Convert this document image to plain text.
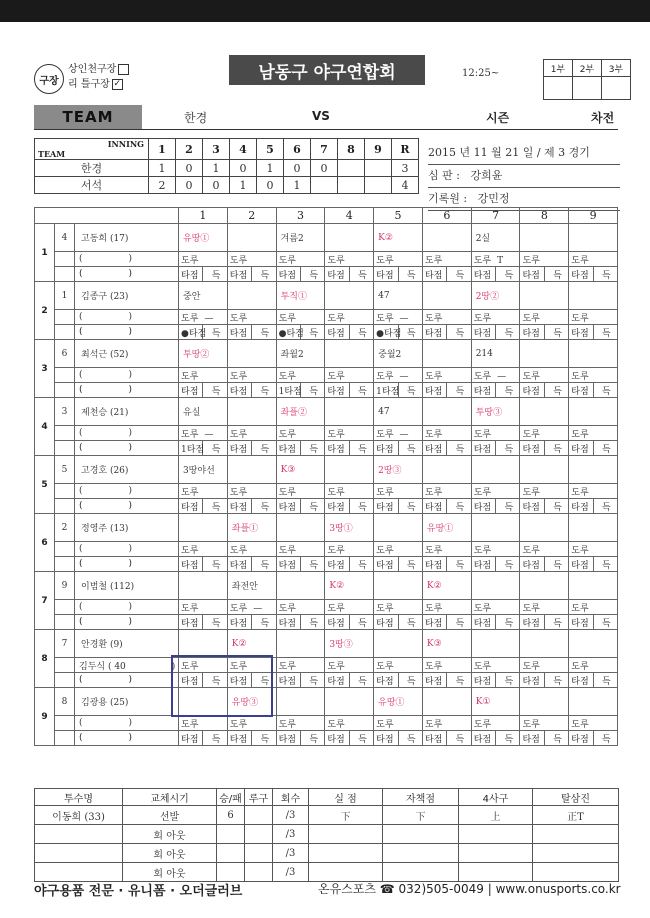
구장
상인천구장
리 틀구장 ✓
남동구 야구연합회	12:25~	1부	2부	3부

TEAM	한경	VS	시즌	차전
INNING
TEAM	1	2	3	4	5	6	7	8	9	R
한경	1	0	1	0	1	0	0			3
서석	2	0	0	1	0	1				4
2015 년 11 월 21 일 / 제 3 경기
심 판 : 강희윤
기록원 : 강민정
			1		2		3		4		5		6		7		8		9	
1	4	고동희 (17)	유땅①				겨름2				K②				2실					
		( )	도루		도루		도루		도루		도루		도루		도루 T		도루		도루	
		( )	타점	득	타점	득	타점	득	타점	득	타점	득	타점	득	타점	득	타점	득	타점	득
2	1	김종구 (23)	중안				투직①				47				2땅②					
		( )	도루 —		도루		도루		도루		도루 —		도루		도루		도루		도루	
		( )	●타점	득	타점	득	●타점	득	타점	득	●타점	득	타점	득	타점	득	타점	득	타점	득
3	6	최석근 (52)	투땅②				좌월2				중월2				214					
		( )	도루		도루		도루		도루		도루 —		도루		도루 —		도루		도루	
		( )	타점	득	타점	득	1타점	득	타점	득	1타점	득	타점	득	타점	득	타점	득	타점	득
4	3	제천승 (21)	유실				좌플②				47				투땅③					
		( )	도루 —		도루		도루		도루		도루 —		도루		도루		도루		도루	
		( )	1타점	득	타점	득	타점	득	타점	득	타점	득	타점	득	타점	득	타점	득	타점	득
5	5	고경호 (26)	3땅야선				K③				2땅③									
		( )	도루		도루		도루		도루		도루		도루		도루		도루		도루	
		( )	타점	득	타점	득	타점	득	타점	득	타점	득	타점	득	타점	득	타점	득	타점	득
6	2	정영주 (13)			좌플①				3땅①				유땅①							
		( )	도루		도루		도루		도루		도루		도루		도루		도루		도루	
		( )	타점	득	타점	득	타점	득	타점	득	타점	득	타점	득	타점	득	타점	득	타점	득
7	9	이범철 (112)			좌전안				K②				K②							
		( )	도루		도루 —		도루		도루		도루		도루		도루		도루		도루	
		( )	타점	득	타점	득	타점	득	타점	득	타점	득	타점	득	타점	득	타점	득	타점	득
8	7	안경환 (9)			K②				3땅③				K③							
		김두식 ( 40 )	도루		도루		도루		도루		도루		도루		도루		도루		도루	
		( )	타점	득	타점	득	타점	득	타점	득	타점	득	타점	득	타점	득	타점	득	타점	득
9	8	김광용 (25)			유땅③						유땅①				K①					
		( )	도루		도루		도루		도루		도루		도루		도루		도루		도루	
		( )	타점	득	타점	득	타점	득	타점	득	타점	득	타점	득	타점	득	타점	득	타점	득
투수명	교체시기	승/패	루구	회수	실 점	자책점	4사구	탈삼진
이동희 (33)	선발	6		/3	下	下	上	正T
	회 아웃			/3				
	회 아웃			/3				
	회 아웃			/3				
야구용품 전문 · 유니폼 · 오더글러브	온유스포츠 ☎ 032)505-0049 | www.onusports.co.kr
